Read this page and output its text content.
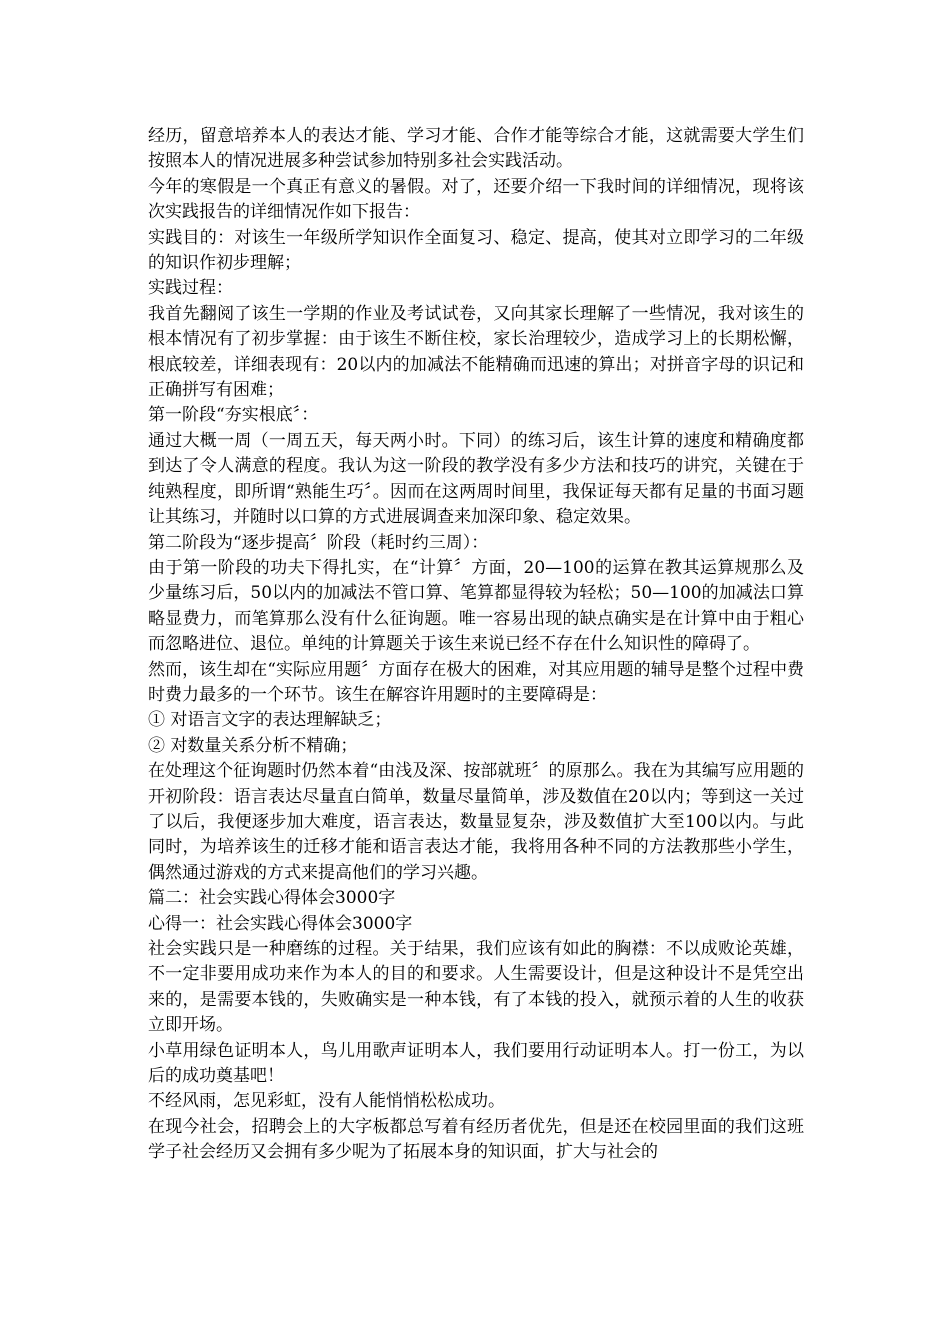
经历，留意培养本人的表达才能、学习才能、合作才能等综合才能，这就需要大学生们按照本人的情况进展多种尝试参加特别多社会实践活动。

今年的寒假是一个真正有意义的暑假。对了，还要介绍一下我时间的详细情况，现将该次实践报告的详细情况作如下报告：

实践目的：对该生一年级所学知识作全面复习、稳定、提高，使其对立即学习的二年级的知识作初步理解；

实践过程：

我首先翻阅了该生一学期的作业及考试试卷，又向其家长理解了一些情况，我对该生的根本情况有了初步掌握：由于该生不断住校，家长治理较少，造成学习上的长期松懈，根底较差，详细表现有：20以内的加减法不能精确而迅速的算出；对拼音字母的识记和正确拼写有困难；

第一阶段“夯实根底〞：

通过大概一周（一周五天，每天两小时。下同）的练习后，该生计算的速度和精确度都到达了令人满意的程度。我认为这一阶段的教学没有多少方法和技巧的讲究，关键在于纯熟程度，即所谓“熟能生巧〞。因而在这两周时间里，我保证每天都有足量的书面习题让其练习，并随时以口算的方式进展调查来加深印象、稳定效果。

第二阶段为“逐步提高〞阶段（耗时约三周）：

由于第一阶段的功夫下得扎实，在“计算〞方面，20—100的运算在教其运算规那么及少量练习后，50以内的加减法不管口算、笔算都显得较为轻松；50—100的加减法口算略显费力，而笔算那么没有什么征询题。唯一容易出现的缺点确实是在计算中由于粗心而忽略进位、退位。单纯的计算题关于该生来说已经不存在什么知识性的障碍了。

然而，该生却在“实际应用题〞方面存在极大的困难，对其应用题的辅导是整个过程中费时费力最多的一个环节。该生在解容许用题时的主要障碍是：

① 对语言文字的表达理解缺乏；

② 对数量关系分析不精确；

在处理这个征询题时仍然本着“由浅及深、按部就班〞的原那么。我在为其编写应用题的开初阶段：语言表达尽量直白简单，数量尽量简单，涉及数值在20以内；等到这一关过了以后，我便逐步加大难度，语言表达，数量显复杂，涉及数值扩大至100以内。与此同时，为培养该生的迁移才能和语言表达才能，我将用各种不同的方法教那些小学生，偶然通过游戏的方式来提高他们的学习兴趣。

篇二：社会实践心得体会3000字

心得一：社会实践心得体会3000字

社会实践只是一种磨练的过程。关于结果，我们应该有如此的胸襟：不以成败论英雄，不一定非要用成功来作为本人的目的和要求。人生需要设计，但是这种设计不是凭空出来的，是需要本钱的，失败确实是一种本钱，有了本钱的投入，就预示着的人生的收获立即开场。

小草用绿色证明本人，鸟儿用歌声证明本人，我们要用行动证明本人。打一份工，为以后的成功奠基吧！

不经风雨，怎见彩虹，没有人能悄悄松松成功。

在现今社会，招聘会上的大字板都总写着有经历者优先，但是还在校园里面的我们这班学子社会经历又会拥有多少呢为了拓展本身的知识面，扩大与社会的
